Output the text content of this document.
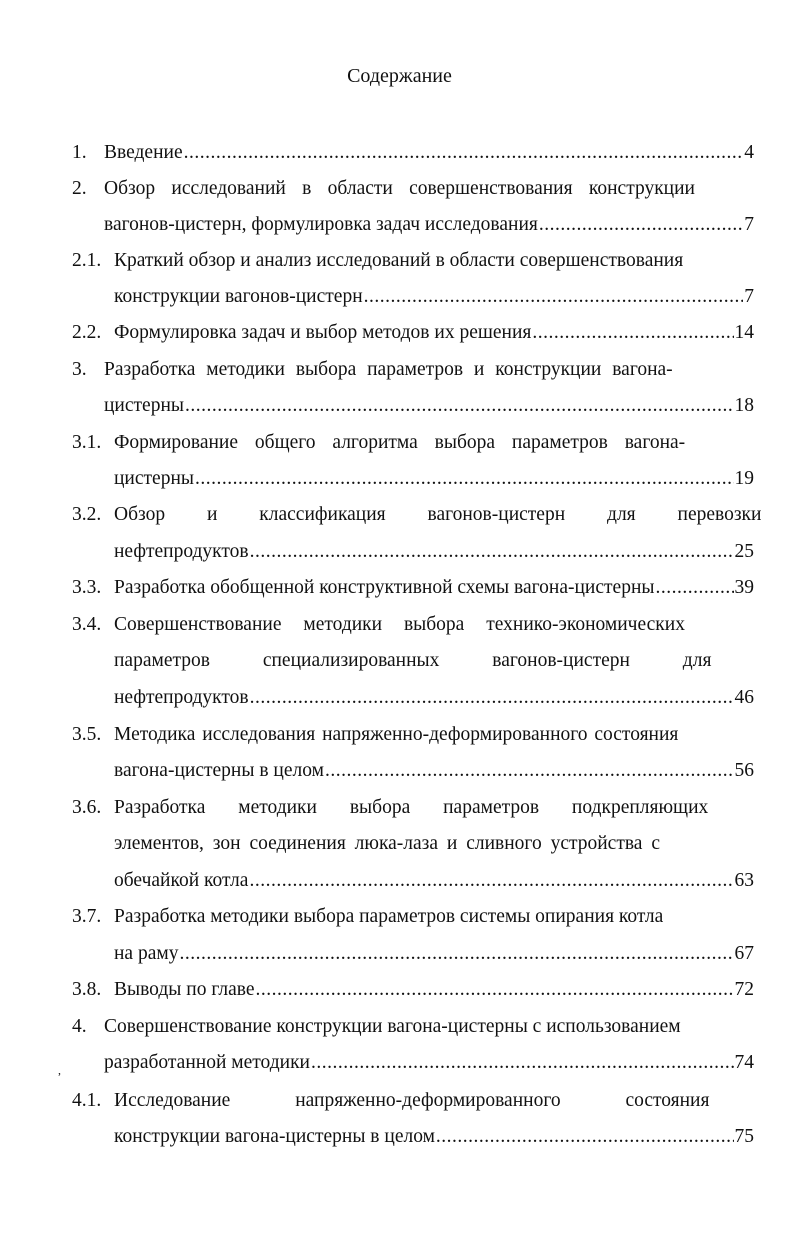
Содержание
1. Введение .....	4
2. Обзор исследований в области совершенствования конструкции
вагонов-цистерн, формулировка задач исследования .....	7
2.1. Краткий обзор и анализ исследований в области совершенствования
конструкции вагонов-цистерн .....	7
2.2. Формулировка задач и выбор методов их решения .....	14
3. Разработка методики выбора параметров и конструкции вагона-
цистерны .....	18
3.1. Формирование общего алгоритма выбора параметров вагона-
цистерны .....	19
3.2. Обзор и классификация вагонов-цистерн для перевозки
нефтепродуктов .....	25
3.3. Разработка обобщенной конструктивной схемы вагона-цистерны .....	39
3.4. Совершенствование методики выбора технико-экономических
параметров специализированных вагонов-цистерн для
нефтепродуктов .....	46
3.5. Методика исследования напряженно-деформированного состояния
вагона-цистерны в целом .....	56
3.6. Разработка методики выбора параметров подкрепляющих
элементов, зон соединения люка-лаза и сливного устройства с
обечайкой котла .....	63
3.7. Разработка методики выбора параметров системы опирания котла
на раму .....	67
3.8. Выводы по главе .....	72
4. Совершенствование конструкции вагона-цистерны с использованием
разработанной методики .....	74
4.1. Исследование напряженно-деформированного состояния
конструкции вагона-цистерны в целом .....	75
,
